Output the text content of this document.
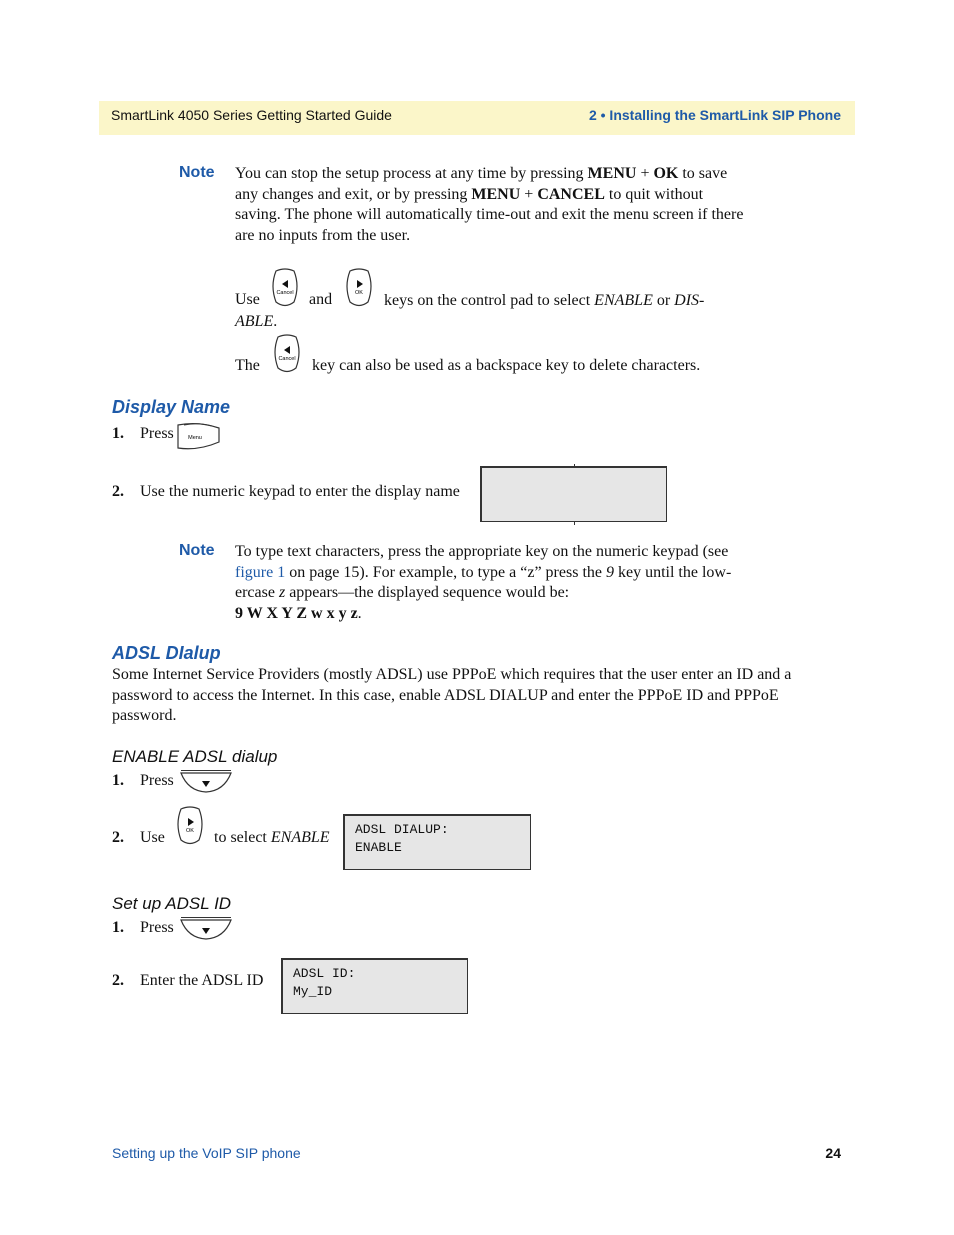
SmartLink 4050 Series Getting Started Guide	2 • Installing the SmartLink SIP Phone
Note You can stop the setup process at any time by pressing MENU + OK to save any changes and exit, or by pressing MENU + CANCEL to quit without saving. The phone will automatically time-out and exit the menu screen if there are no inputs from the user.
Use	Cancel and	OK	keys on the control pad to select ENABLE or DIS-
ABLE.
The	Cancel key can also be used as a backspace key to delete characters.
Display Name
1. Press	Menu
2. Use the numeric keypad to enter the display name
Note To type text characters, press the appropriate key on the numeric keypad (see figure 1 on page 15). For example, to type a “z” press the 9 key until the low-ercase z appears—the displayed sequence would be:
9 W X Y Z w x y z.
ADSL DIalup
Some Internet Service Providers (mostly ADSL) use PPPoE which requires that the user enter an ID and a password to access the Internet. In this case, enable ADSL DIALUP and enter the PPPoE ID and PPPoE password.
ENABLE ADSL dialup
1. Press
2. Use	OK to select ENABLE ADSL DIALUP:
ENABLE
Set up ADSL ID
1. Press
2. Enter the ADSL ID ADSL ID:
My_ID
Setting up the VoIP SIP phone	24
